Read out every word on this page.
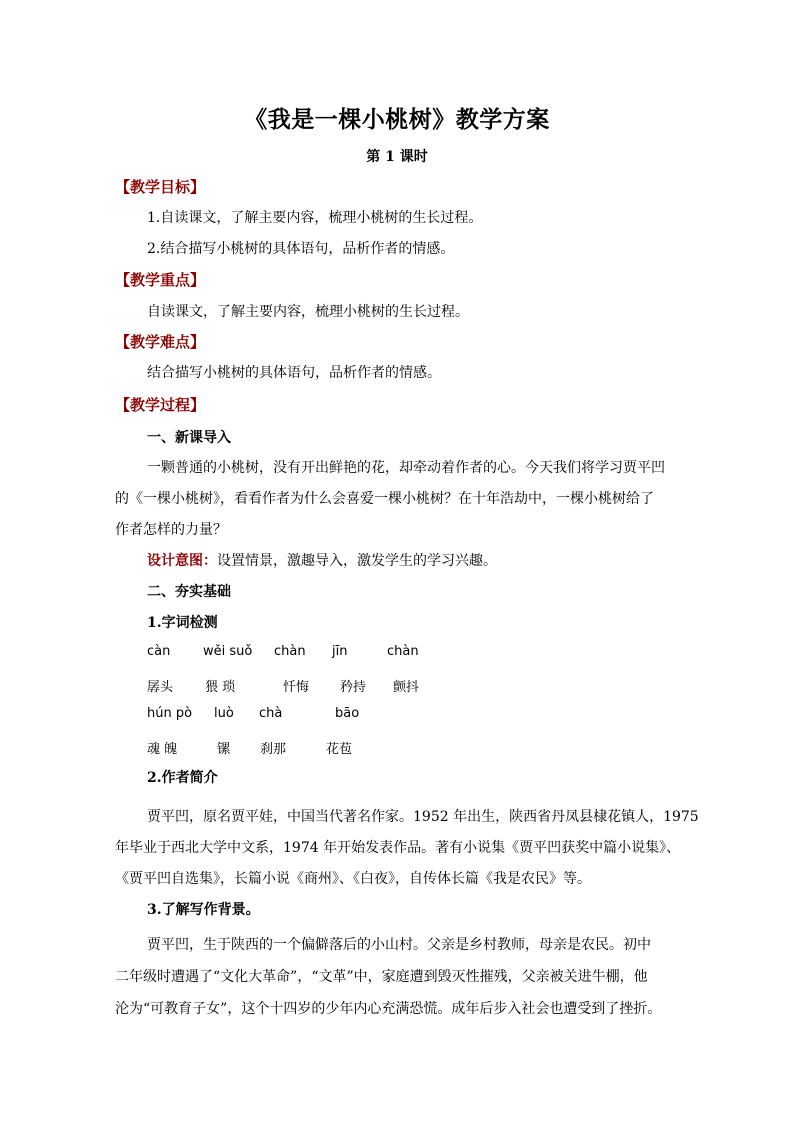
《我是一棵小桃树》教学方案
第 1 课时
【教学目标】
1.自读课文，了解主要内容，梳理小桃树的生长过程。
2.结合描写小桃树的具体语句，品析作者的情感。
【教学重点】
自读课文，了解主要内容，梳理小桃树的生长过程。
【教学难点】
结合描写小桃树的具体语句，品析作者的情感。
【教学过程】
一、新课导入
一颗普通的小桃树，没有开出鲜艳的花，却牵动着作者的心。今天我们将学习贾平凹
的《一棵小桃树》，看看作者为什么会喜爱一棵小桃树？在十年浩劫中，一棵小桃树给了
作者怎样的力量？
设计意图：设置情景，激趣导入，激发学生的学习兴趣。
二、夯实基础
1.字词检测
càn	wěi suǒ chàn jīn	chàn
孱头 猥 琐	忏悔 矜持 颤抖
hún pò luò chà	bāo
魂 魄	镙 刹那	花苞
2.作者简介
贾平凹，原名贾平娃，中国当代著名作家。1952 年出生，陕西省丹凤县棣花镇人，1975
年毕业于西北大学中文系，1974 年开始发表作品。著有小说集《贾平凹获奖中篇小说集》、
《贾平凹自选集》，长篇小说《商州》、《白夜》，自传体长篇《我是农民》等。
3.了解写作背景。
贾平凹，生于陕西的一个偏僻落后的小山村。父亲是乡村教师，母亲是农民。初中
二年级时遭遇了“文化大革命”，“文革”中，家庭遭到毁灭性摧残，父亲被关进牛棚，他
沦为“可教育子女”，这个十四岁的少年内心充满恐慌。成年后步入社会也遭受到了挫折。
